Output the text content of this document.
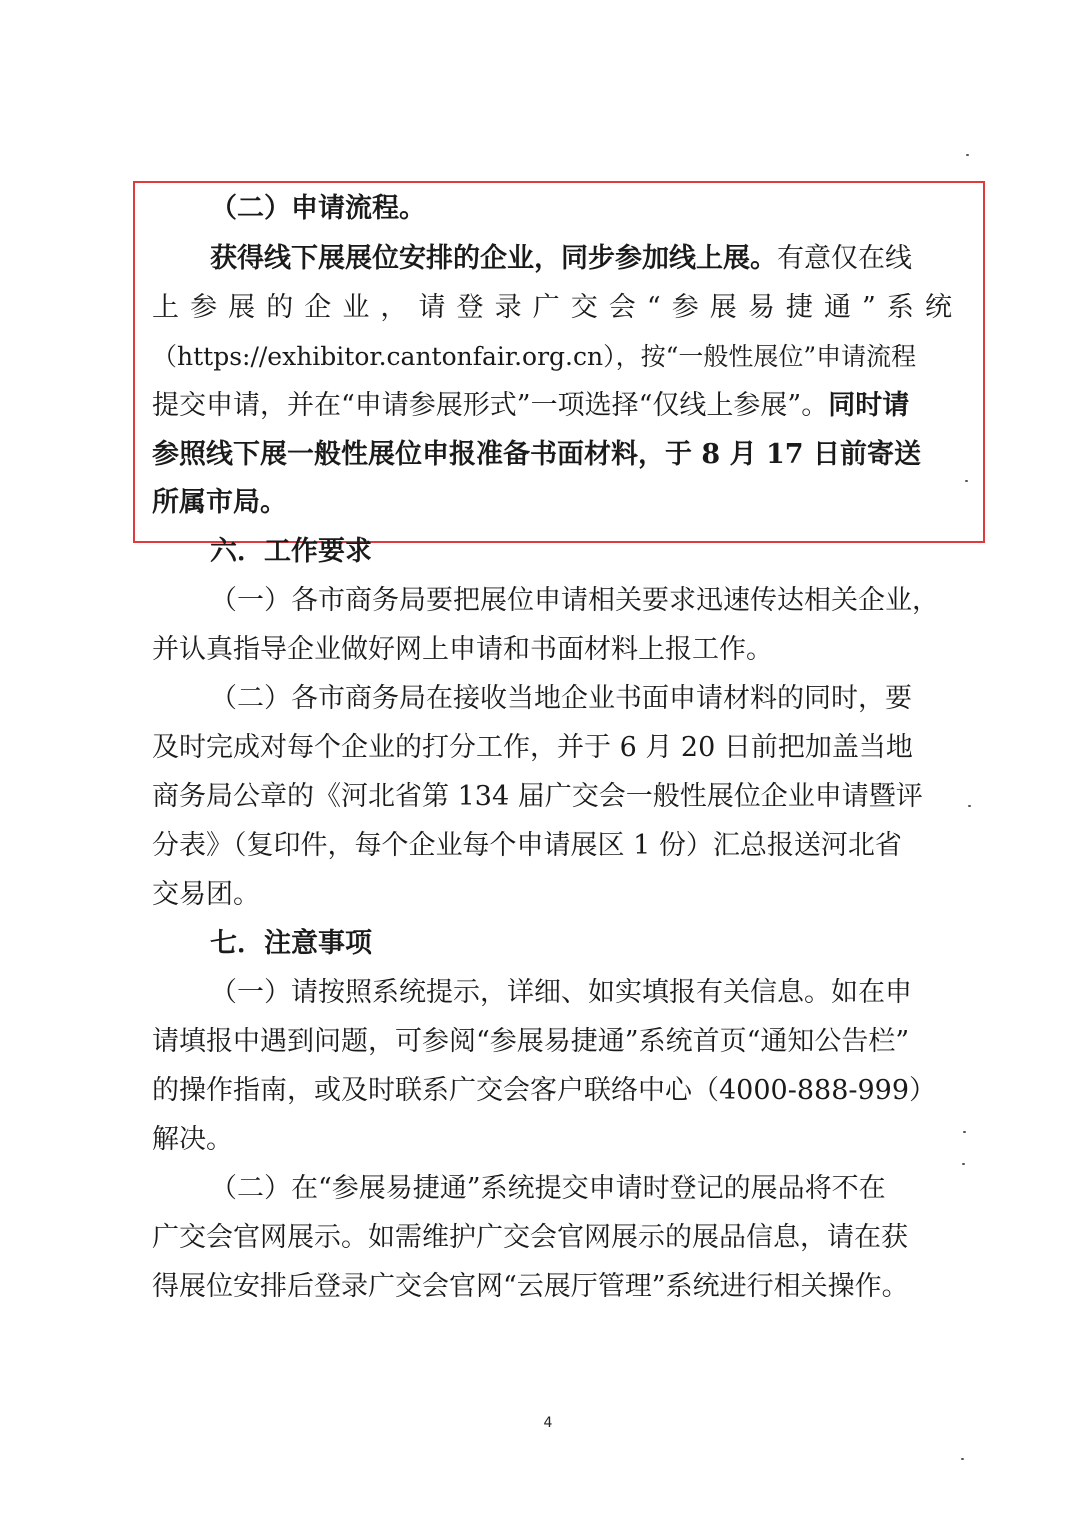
（二）申请流程。
获得线下展展位安排的企业，同步参加线上展。有意仅在线
上参展的企业，请登录广交会“参展易捷通”系统
（https://exhibitor.cantonfair.org.cn），按“一般性展位”申请流程
提交申请，并在“申请参展形式”一项选择“仅线上参展”。同时请
参照线下展一般性展位申报准备书面材料，于 8 月 17 日前寄送
所属市局。
六．工作要求
（一）各市商务局要把展位申请相关要求迅速传达相关企业，
并认真指导企业做好网上申请和书面材料上报工作。
（二）各市商务局在接收当地企业书面申请材料的同时，要
及时完成对每个企业的打分工作，并于 6 月 20 日前把加盖当地
商务局公章的《河北省第 134 届广交会一般性展位企业申请暨评
分表》（复印件，每个企业每个申请展区 1 份）汇总报送河北省
交易团。
七．注意事项
（一）请按照系统提示，详细、如实填报有关信息。如在申
请填报中遇到问题，可参阅“参展易捷通”系统首页“通知公告栏”
的操作指南，或及时联系广交会客户联络中心（4000-888-999）
解决。
（二）在“参展易捷通”系统提交申请时登记的展品将不在
广交会官网展示。如需维护广交会官网展示的展品信息，请在获
得展位安排后登录广交会官网“云展厅管理”系统进行相关操作。
4
